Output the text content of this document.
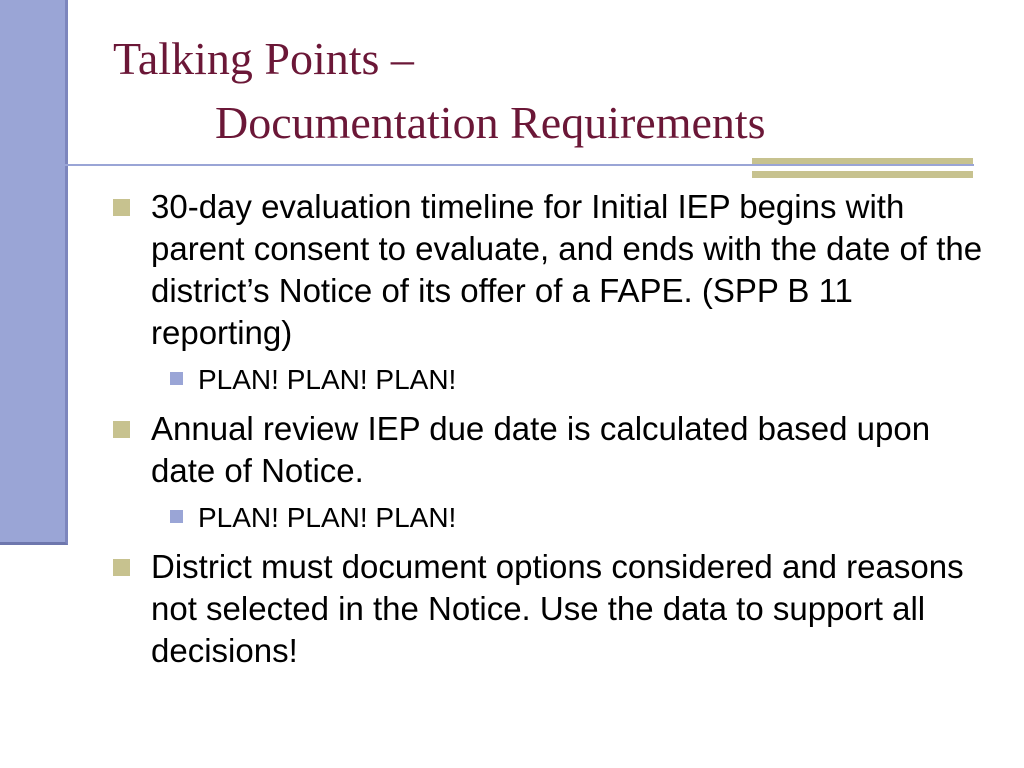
Talking Points –
Documentation Requirements
30-day evaluation timeline for Initial IEP begins with parent consent to evaluate, and ends with the date of the district’s Notice of its offer of a FAPE. (SPP B 11 reporting)
PLAN! PLAN! PLAN!
Annual review IEP due date is calculated based upon date of Notice.
PLAN! PLAN! PLAN!
District must document options considered and reasons not selected in the Notice. Use the data to support all decisions!
